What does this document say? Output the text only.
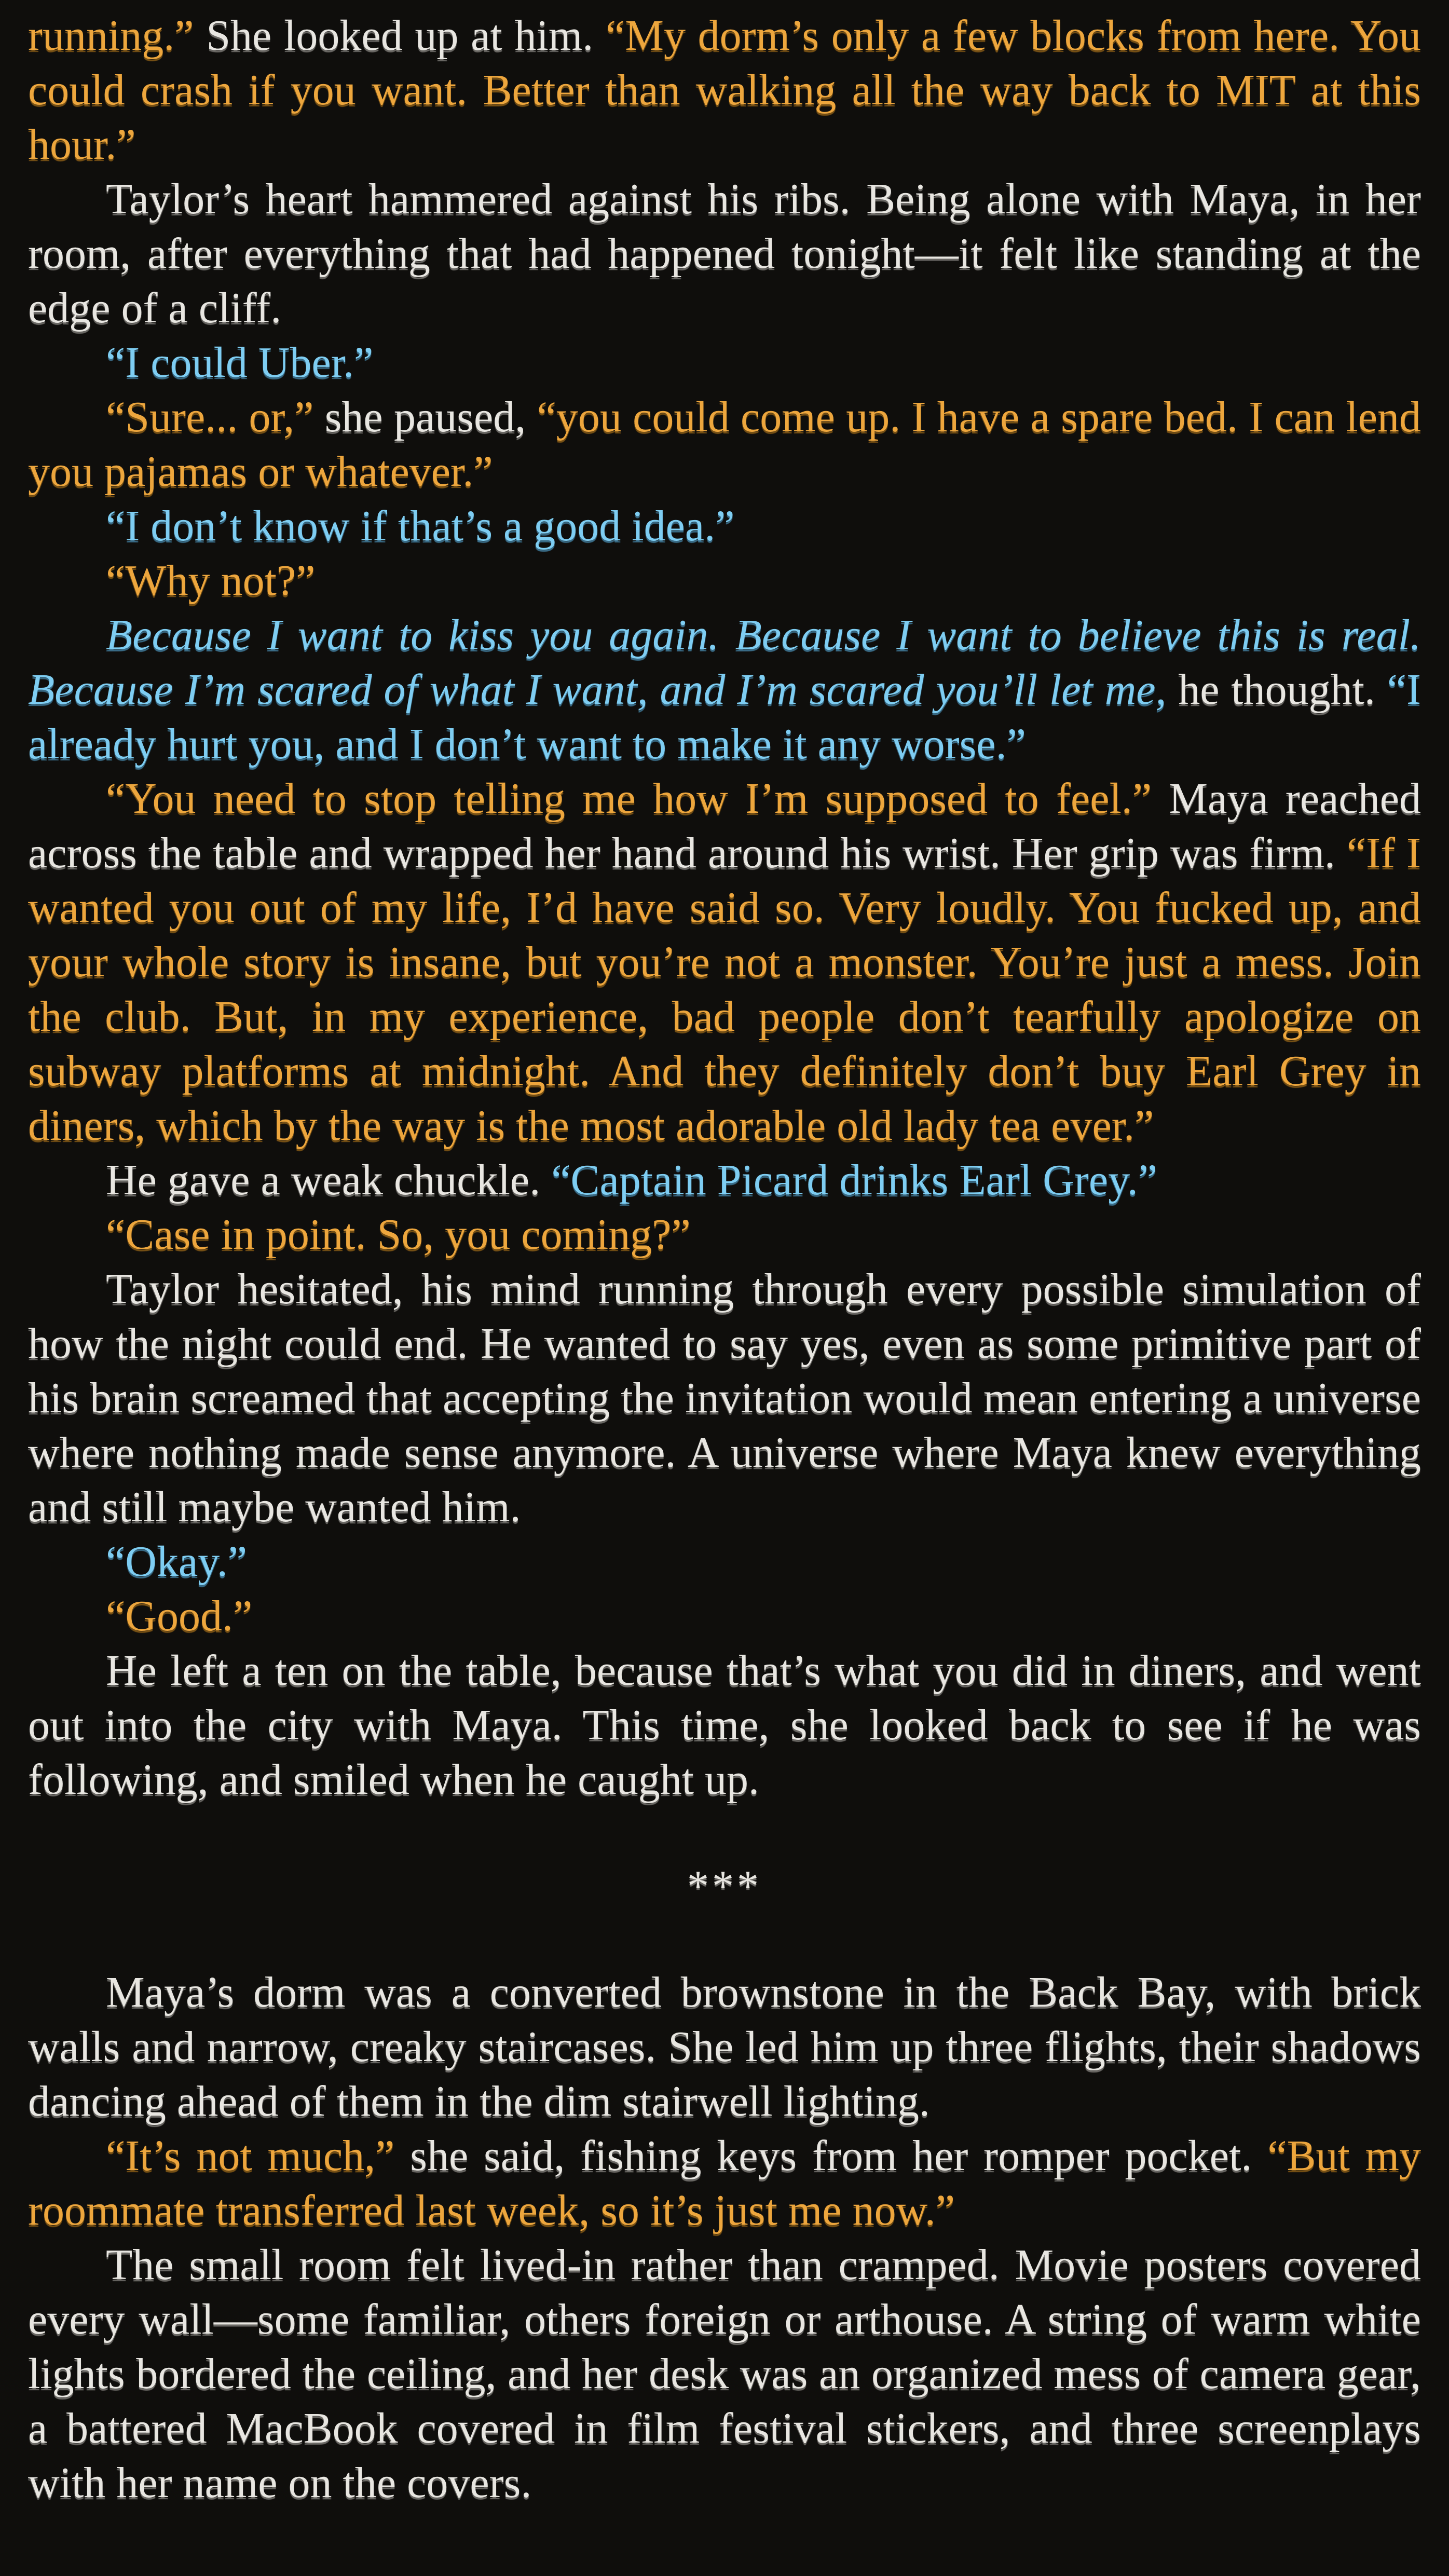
running.” She looked up at him. “My dorm’s only a few blocks from here. You could crash if you want. Better than walking all the way back to MIT at this hour.”

Taylor’s heart hammered against his ribs. Being alone with Maya, in her room, after everything that had happened tonight—it felt like standing at the edge of a cliff.

“I could Uber.”

“Sure... or,” she paused, “you could come up. I have a spare bed. I can lend you pajamas or whatever.”

“I don’t know if that’s a good idea.”

“Why not?”

Because I want to kiss you again. Because I want to believe this is real. Because I’m scared of what I want, and I’m scared you’ll let me, he thought. “I already hurt you, and I don’t want to make it any worse.”

“You need to stop telling me how I’m supposed to feel.” Maya reached across the table and wrapped her hand around his wrist. Her grip was firm. “If I wanted you out of my life, I’d have said so. Very loudly. You fucked up, and your whole story is insane, but you’re not a monster. You’re just a mess. Join the club. But, in my experience, bad people don’t tearfully apologize on subway platforms at midnight. And they definitely don’t buy Earl Grey in diners, which by the way is the most adorable old lady tea ever.”

He gave a weak chuckle. “Captain Picard drinks Earl Grey.”

“Case in point. So, you coming?”

Taylor hesitated, his mind running through every possible simulation of how the night could end. He wanted to say yes, even as some primitive part of his brain screamed that accepting the invitation would mean entering a universe where nothing made sense anymore. A universe where Maya knew everything and still maybe wanted him.

“Okay.”

“Good.”

He left a ten on the table, because that’s what you did in diners, and went out into the city with Maya. This time, she looked back to see if he was following, and smiled when he caught up.

***

Maya’s dorm was a converted brownstone in the Back Bay, with brick walls and narrow, creaky staircases. She led him up three flights, their shadows dancing ahead of them in the dim stairwell lighting.

“It’s not much,” she said, fishing keys from her romper pocket. “But my roommate transferred last week, so it’s just me now.”

The small room felt lived-in rather than cramped. Movie posters covered every wall—some familiar, others foreign or arthouse. A string of warm white lights bordered the ceiling, and her desk was an organized mess of camera gear, a battered MacBook covered in film festival stickers, and three screenplays with her name on the covers.
